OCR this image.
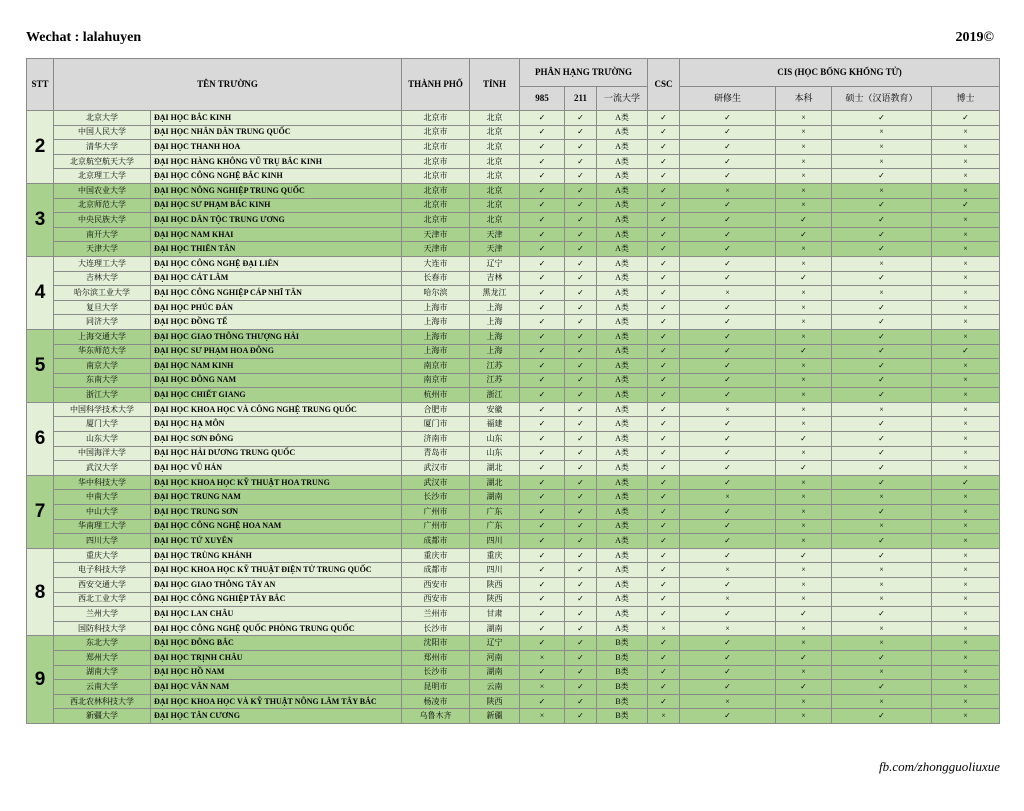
Wechat : lalahuyen	2019©
STT	TÊN TRƯỜNG		THÀNH PHỐ	TỈNH	PHÂN HẠNG TRƯỜNG			CSC	CIS (HỌC BỔNG KHỔNG TỬ)			
					985	211	一流大学		研修生	本科	硕士（汉语教育）	博士
2	北京大学	ĐẠI HỌC BẮC KINH	北京市	北京	✓	✓	A类	✓	✓	×	✓	✓
	中国人民大学	ĐẠI HỌC NHÂN DÂN TRUNG QUỐC	北京市	北京	✓	✓	A类	✓	✓	×	×	×
	清华大学	ĐẠI HỌC THANH HOA	北京市	北京	✓	✓	A类	✓	✓	×	×	×
	北京航空航天大学	ĐẠI HỌC HÀNG KHÔNG VŨ TRỤ BẮC KINH	北京市	北京	✓	✓	A类	✓	✓	×	×	×
	北京理工大学	ĐẠI HỌC CÔNG NGHỆ BẮC KINH	北京市	北京	✓	✓	A类	✓	✓	×	✓	×
3	中国农业大学	ĐẠI HỌC NÔNG NGHIỆP TRUNG QUỐC	北京市	北京	✓	✓	A类	✓	×	×	×	×
	北京师范大学	ĐẠI HỌC SƯ PHẠM BẮC KINH	北京市	北京	✓	✓	A类	✓	✓	×	✓	✓
	中央民族大学	ĐẠI HỌC DÂN TỘC TRUNG ƯƠNG	北京市	北京	✓	✓	A类	✓	✓	✓	✓	×
	南开大学	ĐẠI HỌC NAM KHAI	天津市	天津	✓	✓	A类	✓	✓	✓	✓	×
	天津大学	ĐẠI HỌC THIÊN TÂN	天津市	天津	✓	✓	A类	✓	✓	×	✓	×
4	大连理工大学	ĐẠI HỌC CÔNG NGHỆ ĐẠI LIÊN	大连市	辽宁	✓	✓	A类	✓	✓	×	×	×
	吉林大学	ĐẠI HỌC CÁT LÂM	长春市	吉林	✓	✓	A类	✓	✓	✓	✓	×
	哈尔滨工业大学	ĐẠI HỌC CÔNG NGHIỆP CÁP NHĨ TÂN	哈尔滨	黑龙江	✓	✓	A类	✓	×	×	×	×
	复旦大学	ĐẠI HỌC PHÚC ĐÁN	上海市	上海	✓	✓	A类	✓	✓	×	✓	×
	同济大学	ĐẠI HỌC ĐỒNG TẾ	上海市	上海	✓	✓	A类	✓	✓	×	✓	×
5	上海交通大学	ĐẠI HỌC GIAO THÔNG THƯỢNG HẢI	上海市	上海	✓	✓	A类	✓	✓	×	✓	×
	华东师范大学	ĐẠI HỌC SƯ PHẠM HOA ĐÔNG	上海市	上海	✓	✓	A类	✓	✓	✓	✓	✓
	南京大学	ĐẠI HỌC NAM KINH	南京市	江苏	✓	✓	A类	✓	✓	×	✓	×
	东南大学	ĐẠI HỌC ĐÔNG NAM	南京市	江苏	✓	✓	A类	✓	✓	×	✓	×
	浙江大学	ĐẠI HỌC CHIẾT GIANG	杭州市	浙江	✓	✓	A类	✓	✓	×	✓	×
6	中国科学技术大学	ĐẠI HỌC KHOA HỌC VÀ CÔNG NGHỆ TRUNG QUỐC	合肥市	安徽	✓	✓	A类	✓	×	×	×	×
	厦门大学	ĐẠI HỌC HẠ MÔN	厦门市	福建	✓	✓	A类	✓	✓	×	✓	×
	山东大学	ĐẠI HỌC SƠN ĐÔNG	济南市	山东	✓	✓	A类	✓	✓	✓	✓	×
	中国海洋大学	ĐẠI HỌC HẢI DƯƠNG TRUNG QUỐC	青岛市	山东	✓	✓	A类	✓	✓	×	✓	×
	武汉大学	ĐẠI HỌC VŨ HÁN	武汉市	湖北	✓	✓	A类	✓	✓	✓	✓	×
7	华中科技大学	ĐẠI HỌC KHOA HỌC KỸ THUẬT HOA TRUNG	武汉市	湖北	✓	✓	A类	✓	✓	×	✓	✓
	中南大学	ĐẠI HỌC TRUNG NAM	长沙市	湖南	✓	✓	A类	✓	×	×	×	×
	中山大学	ĐẠI HỌC TRUNG SƠN	广州市	广东	✓	✓	A类	✓	✓	×	✓	×
	华南理工大学	ĐẠI HỌC CÔNG NGHỆ HOA NAM	广州市	广东	✓	✓	A类	✓	✓	×	×	×
	四川大学	ĐẠI HỌC TỨ XUYÊN	成都市	四川	✓	✓	A类	✓	✓	×	✓	×
8	重庆大学	ĐẠI HỌC TRÙNG KHÁNH	重庆市	重庆	✓	✓	A类	✓	✓	✓	✓	×
	电子科技大学	ĐẠI HỌC KHOA HỌC KỸ THUẬT ĐIỆN TỬ TRUNG QUỐC	成都市	四川	✓	✓	A类	✓	×	×	×	×
	西安交通大学	ĐẠI HỌC GIAO THÔNG TÂY AN	西安市	陕西	✓	✓	A类	✓	✓	×	×	×
	西北工业大学	ĐẠI HỌC CÔNG NGHIỆP TÂY BẮC	西安市	陕西	✓	✓	A类	✓	×	×	×	×
	兰州大学	ĐẠI HỌC LAN CHÂU	兰州市	甘肃	✓	✓	A类	✓	✓	✓	✓	×
	国防科技大学	ĐẠI HỌC CÔNG NGHỆ QUỐC PHÒNG TRUNG QUỐC	长沙市	湖南	✓	✓	A类	×	×	×	×	×
9	东北大学	ĐẠI HỌC ĐÔNG BẮC	沈阳市	辽宁	✓	✓	B类	✓	✓	×	×	×
	郑州大学	ĐẠI HỌC TRỊNH CHÂU	郑州市	河南	×	✓	B类	✓	✓	✓	✓	×
	湖南大学	ĐẠI HỌC HỒ NAM	长沙市	湖南	✓	✓	B类	✓	✓	×	×	×
	云南大学	ĐẠI HỌC VÂN NAM	昆明市	云南	×	✓	B类	✓	✓	✓	✓	×
	西北农林科技大学	ĐẠI HỌC KHOA HỌC VÀ KỸ THUẬT NÔNG LÂM TÂY BẮC	杨凌市	陕西	✓	✓	B类	✓	×	×	×	×
	新疆大学	ĐẠI HỌC TÂN CƯƠNG	乌鲁木齐	新疆	×	✓	B类	×	✓	×	✓	×
fb.com/zhongguoliuxue
